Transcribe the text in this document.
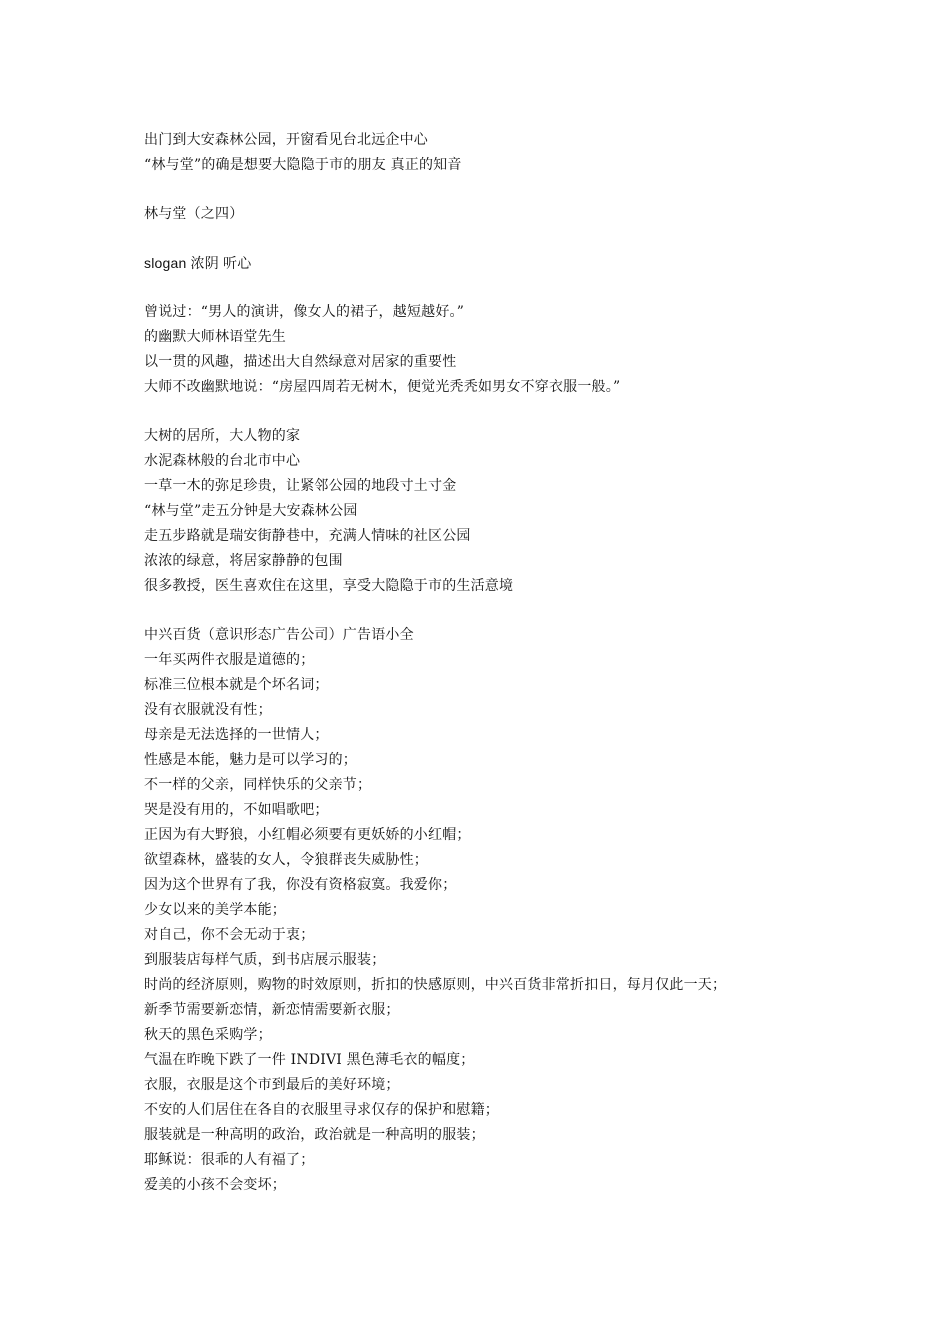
出门到大安森林公园，开窗看见台北远企中心
“林与堂”的确是想要大隐隐于市的朋友 真正的知音
林与堂（之四）
slogan 浓阴 听心
曾说过：“男人的演讲，像女人的裙子，越短越好。”
的幽默大师林语堂先生
以一贯的风趣，描述出大自然绿意对居家的重要性
大师不改幽默地说：“房屋四周若无树木，便觉光秃秃如男女不穿衣服一般。”
大树的居所，大人物的家
水泥森林般的台北市中心
一草一木的弥足珍贵，让紧邻公园的地段寸土寸金
“林与堂”走五分钟是大安森林公园
走五步路就是瑞安街静巷中，充满人情味的社区公园
浓浓的绿意，将居家静静的包围
很多教授，医生喜欢住在这里，享受大隐隐于市的生活意境
中兴百货（意识形态广告公司）广告语小全
一年买两件衣服是道德的；
标准三位根本就是个坏名词；
没有衣服就没有性；
母亲是无法选择的一世情人；
性感是本能，魅力是可以学习的；
不一样的父亲，同样快乐的父亲节；
哭是没有用的，不如唱歌吧；
正因为有大野狼，小红帽必须要有更妖娇的小红帽；
欲望森林，盛装的女人，令狼群丧失威胁性；
因为这个世界有了我，你没有资格寂寞。我爱你；
少女以来的美学本能；
对自己，你不会无动于衷；
到服装店每样气质，到书店展示服装；
时尚的经济原则，购物的时效原则，折扣的快感原则，中兴百货非常折扣日，每月仅此一天；
新季节需要新恋情，新恋情需要新衣服；
秋天的黑色采购学；
气温在昨晚下跌了一件 INDIVI 黑色薄毛衣的幅度；
衣服，衣服是这个市到最后的美好环境；
不安的人们居住在各自的衣服里寻求仅存的保护和慰籍；
服装就是一种高明的政治，政治就是一种高明的服装；
耶稣说：很乖的人有福了；
爱美的小孩不会变坏；
